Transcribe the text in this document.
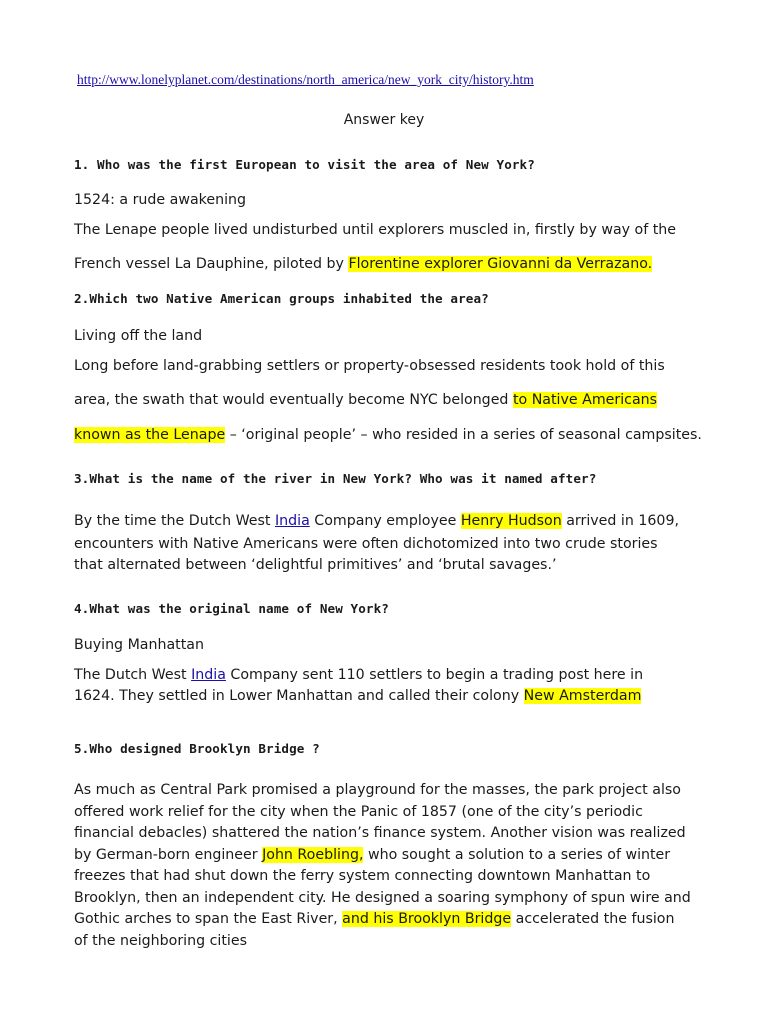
http://www.lonelyplanet.com/destinations/north_america/new_york_city/history.htm
Answer key
1. Who was the first European to visit the area of New York?
1524: a rude awakening
The Lenape people lived undisturbed until explorers muscled in, firstly by way of the
French vessel La Dauphine, piloted by Florentine explorer Giovanni da Verrazano.
2.Which two Native American groups inhabited the area?
Living off the land
Long before land-grabbing settlers or property-obsessed residents took hold of this
area, the swath that would eventually become NYC belonged to Native Americans
known as the Lenape – ‘original people’ – who resided in a series of seasonal campsites.
3.What is the name of the river in New York? Who was it named after?
By the time the Dutch West India Company employee Henry Hudson arrived in 1609,
encounters with Native Americans were often dichotomized into two crude stories
that alternated between ‘delightful primitives’ and ‘brutal savages.’
4.What was the original name of New York?
Buying Manhattan
The Dutch West India Company sent 110 settlers to begin a trading post here in
1624. They settled in Lower Manhattan and called their colony New Amsterdam
5.Who designed Brooklyn Bridge ?
As much as Central Park promised a playground for the masses, the park project also
offered work relief for the city when the Panic of 1857 (one of the city’s periodic
financial debacles) shattered the nation’s finance system. Another vision was realized
by German-born engineer John Roebling, who sought a solution to a series of winter
freezes that had shut down the ferry system connecting downtown Manhattan to
Brooklyn, then an independent city. He designed a soaring symphony of spun wire and
Gothic arches to span the East River, and his Brooklyn Bridge accelerated the fusion
of the neighboring cities
